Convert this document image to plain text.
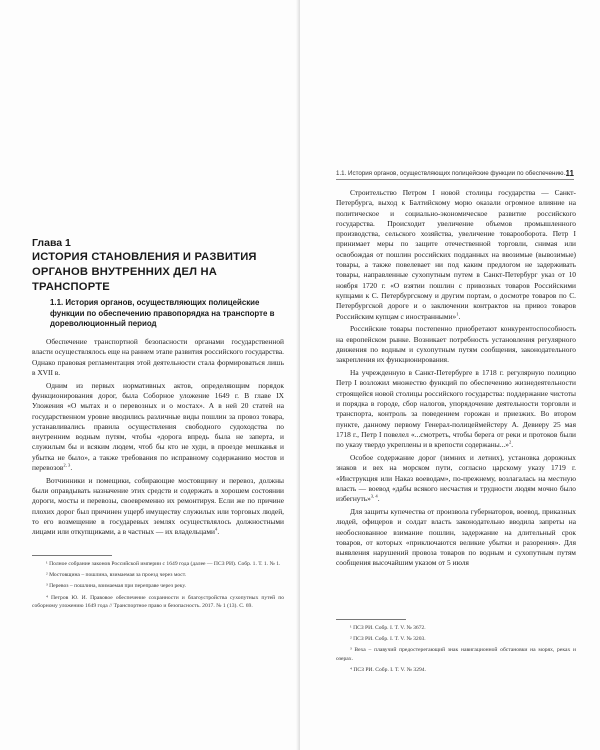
Глава 1
ИСТОРИЯ СТАНОВЛЕНИЯ И РАЗВИТИЯ ОРГАНОВ ВНУТРЕННИХ ДЕЛ НА ТРАНСПОРТЕ
1.1. История органов, осуществляющих полицейские функции по обеспечению правопорядка на транспорте в дореволюционный период

Обеспечение транспортной безопасности органами государственной власти осуществлялось еще на раннем этапе развития российского государства. Однако правовая регламентация этой деятельности стала формироваться лишь в XVII в.

Одним из первых нормативных актов, определяющим порядок функционирования дорог, была Соборное уложение 1649 г. В главе IX Уложения «О мытах и о перевозных и о мостах». А в ней 20 статей на государственном уровне вводились различные виды пошлин за провоз товара, устанавливались правила осуществления свободного судоходства по внутренним водным путям, чтобы «дорога впредь была не заперта, и служилым бы и всяким людем, чтоб бы кто не худи, в проезде мешканья и убытка не было», а также требования по исправному содержанию мостов и перевозов$^{2, 3}$.

Вотчинники и помещики, собирающие мостовщину и перевоз, должны были оправдывать назначение этих средств и содержать в хорошем состоянии дороги, мосты и перевозы, своевременно их ремонтируя. Если же по причине плохих дорог был причинен ущерб имуществу служилых или торговых людей, то его возмещение в государевых землях осуществлялось должностными лицами или откупщиками, а в частных — их владельцами$^4$.

¹ Полное собрание законов Российской империи с 1649 года (далее — ПСЗ РИ). Собр. 1. Т. 1. № 1.

² Мостовщина – пошлина, взимаемая за проезд через мост.

³ Перевоз – пошлина, взимаемая при переправе через реку.

⁴ Петров Ю. И. Правовое обеспечение сохранности и благоустройства сухопутных путей по соборному уложению 1649 года // Транспортное право и безопасность. 2017. № 1 (13). С. 69.

1.1. История органов, осуществляющих полицейские функции по обеспечению...
11

Строительство Петром I новой столицы государства — Санкт-Петербурга, выход к Балтийскому морю оказали огромное влияние на политическое и социально-экономическое развитие российского государства. Происходит увеличение объемов промышленного производства, сельского хозяйства, увеличение товарооборота. Петр I принимает меры по защите отечественной торговли, снимая или освобождая от пошлин российских подданных на ввозимые (вывозимые) товары, а также повелевает ни под каким предлогом не задерживать товары, направленные сухопутным путем в Санкт-Петербург указ от 10 ноября 1720 г. «О взятии пошлин с привозных товаров Российскими купцами к С. Петербургскому и другим портам, о досмотре товаров по С. Петербургской дороге и о заключении контрактов на привоз товаров Российским купцам с иностранными»$^1$.

Российские товары постепенно приобретают конкурентоспособность на европейском рынке. Возникает потребность установления регулярного движения по водным и сухопутным путям сообщения, законодательного закрепления их функционирования.

На учрежденную в Санкт-Петербурге в 1718 г. регулярную полицию Петр I возложил множество функций по обеспечению жизнедеятельности строящейся новой столицы российского государства: поддержание чистоты и порядка в городе, сбор налогов, упорядочение деятельности торговли и транспорта, контроль за поведением горожан и приезжих. Во втором пункте, данному первому Генерал-полицеймейстеру А. Девиеру 25 мая 1718 г., Петр I повелел «...смотреть, чтобы берега от реки и протоков были по указу твердо укреплены и в крепости содержаны...»$^2$.

Особое содержание дорог (зимних и летних), установка дорожных знаков и вех на морском пути, согласно царскому указу 1719 г. «Инструкция или Наказ воеводам», по-прежнему, возлагалась на местную власть — воевод «дабы всякого несчастия и трудности людям мочно было избегнуть»$^{3, 4}$.

Для защиты купечества от произвола губернаторов, воевод, приказных людей, офицеров и солдат власть законодательно вводила запреты на необоснованное взимание пошлин, задержание на длительный срок товаров, от которых «приключаются великие убытки и разорения». Для выявления нарушений провоза товаров по водным и сухопутным путям сообщения высочайшим указом от 5 июля

¹ ПСЗ РИ. Собр. I. Т. V. № 3672.

² ПСЗ РИ. Собр. I. Т. V. № 3203.

³ Веха – плавучий предостерегающий знак навигационной обстановки на морях, реках и озерах.

⁴ ПСЗ РИ. Собр. I. Т. V. № 3294.
